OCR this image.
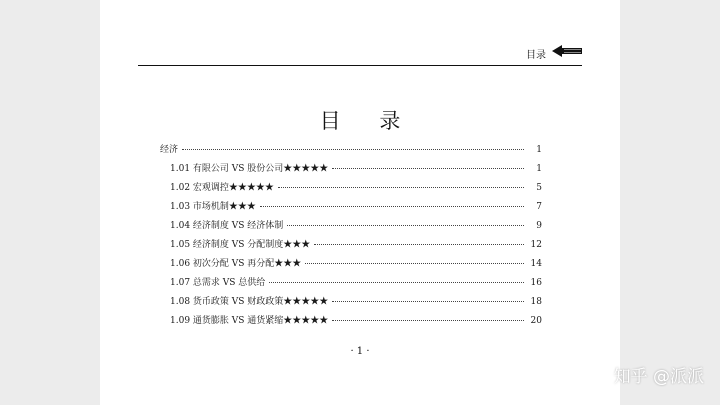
目录
目 录
经济	1
1.01 有限公司 VS 股份公司★★★★★	1
1.02 宏观调控★★★★★	5
1.03 市场机制★★★	7
1.04 经济制度 VS 经济体制	9
1.05 经济制度 VS 分配制度★★★	12
1.06 初次分配 VS 再分配★★★	14
1.07 总需求 VS 总供给	16
1.08 货币政策 VS 财政政策★★★★★	18
1.09 通货膨胀 VS 通货紧缩★★★★★	20
· 1 ·
知乎 @派派
